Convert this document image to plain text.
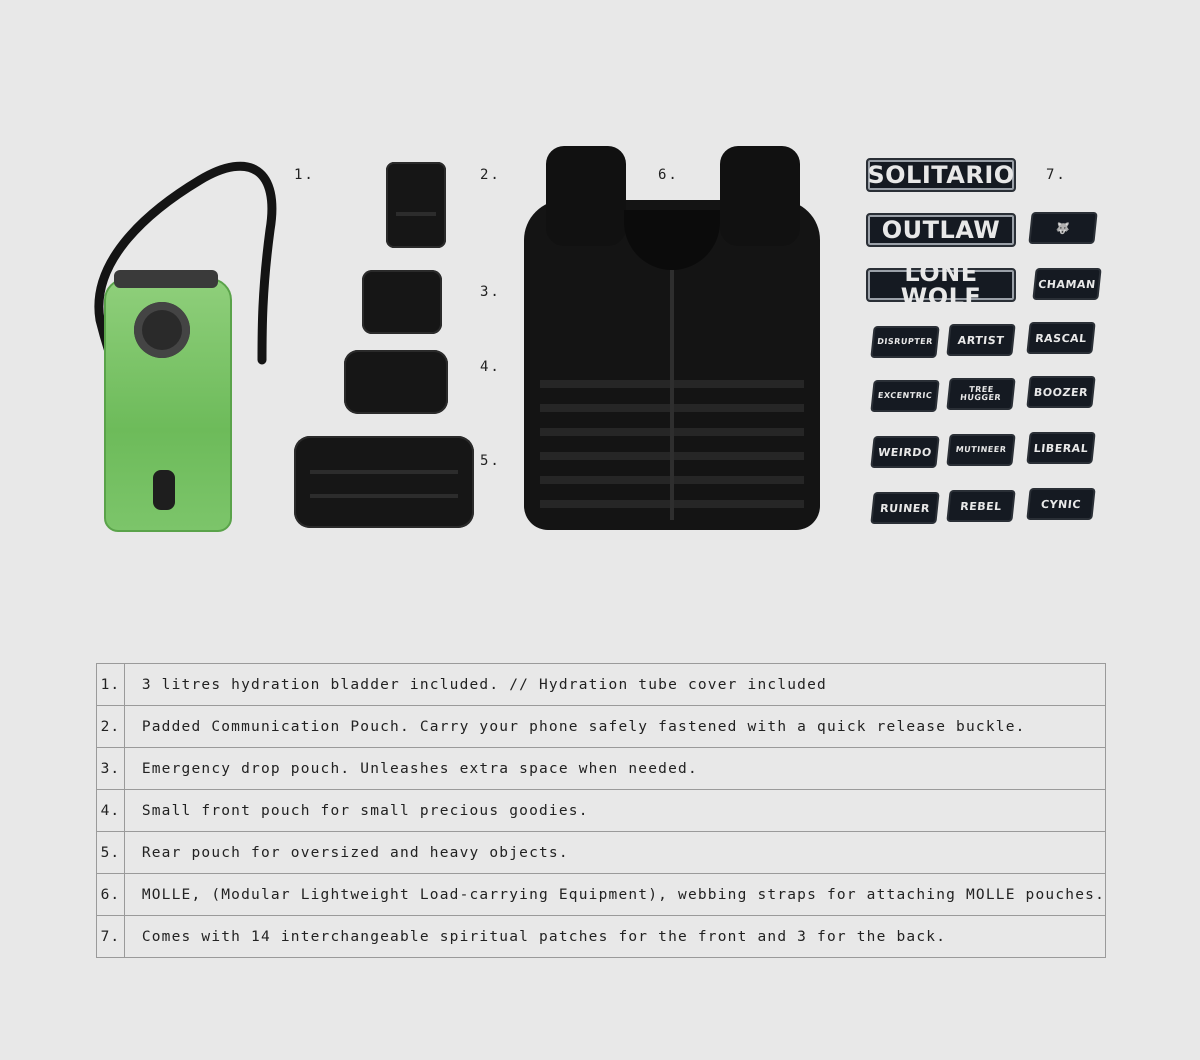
1.	2.
3.
4.
5.
6.	SOLITARIO
OUTLAW
LONE WOLF
🐺
CHAMAN
7.
DISRUPTER	ARTIST	RASCAL
EXCENTRIC
TREE HUGGER	BOOZER
WEIRDO	MUTINEER	LIBERAL
RUINER	REBEL	CYNIC
1.	3 litres hydration bladder included. // Hydration tube cover included
2.	Padded Communication Pouch. Carry your phone safely fastened with a quick release buckle.
3.	Emergency drop pouch. Unleashes extra space when needed.
4.	Small front pouch for small precious goodies.
5.	Rear pouch for oversized and heavy objects.
6.	MOLLE, (Modular Lightweight Load-carrying Equipment), webbing straps for attaching MOLLE pouches.
7.	Comes with 14 interchangeable spiritual patches for the front and 3 for the back.
